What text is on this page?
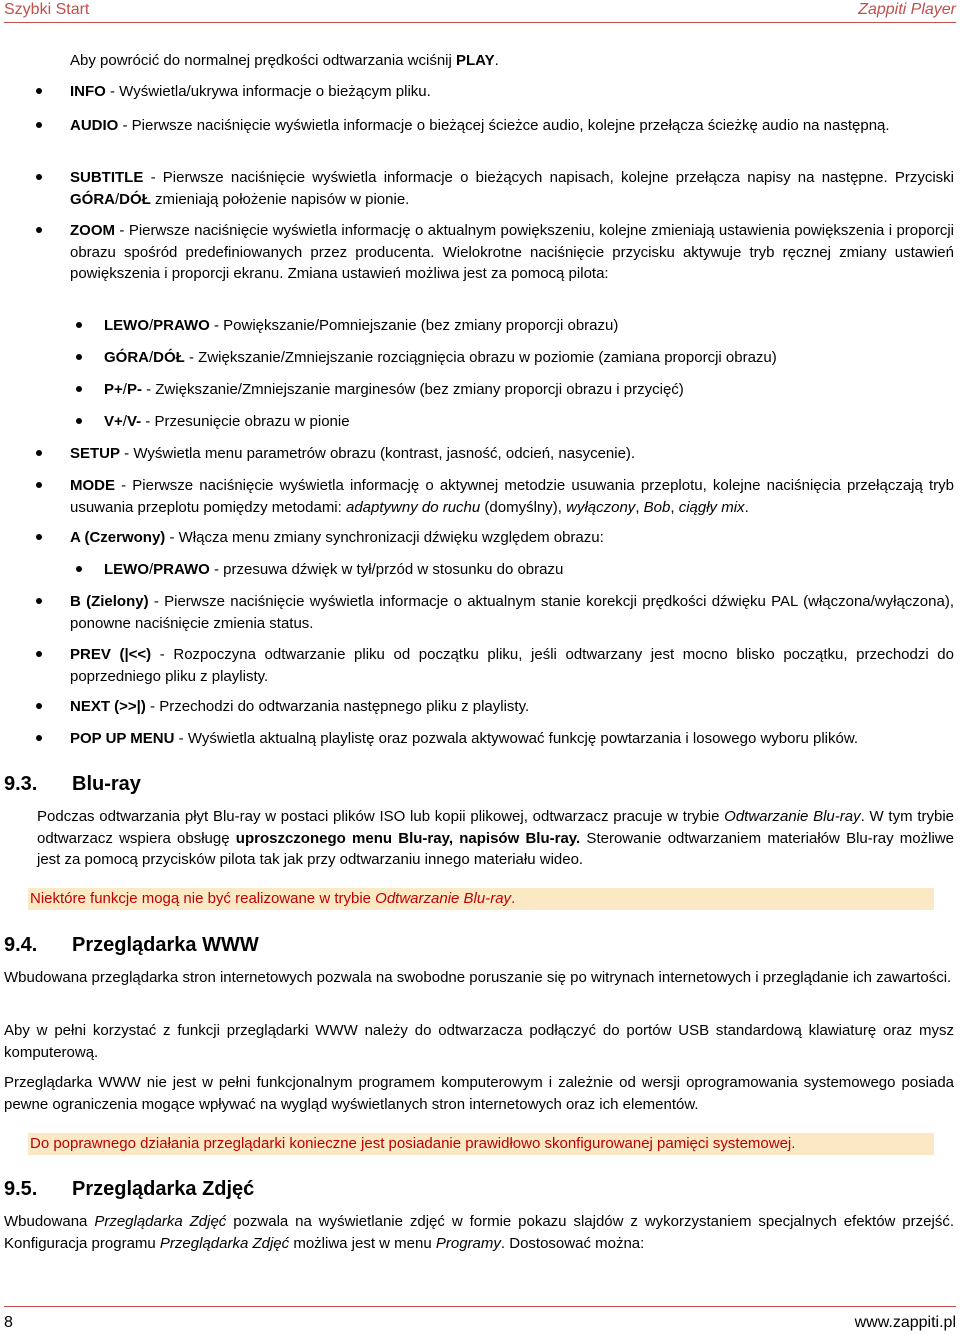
Szybki Start	Zappiti Player
Aby powrócić do normalnej prędkości odtwarzania wciśnij PLAY.
INFO - Wyświetla/ukrywa informacje o bieżącym pliku.
AUDIO - Pierwsze naciśnięcie wyświetla informacje o bieżącej ścieżce audio, kolejne przełącza ścieżkę audio na następną.
SUBTITLE - Pierwsze naciśnięcie wyświetla informacje o bieżących napisach, kolejne przełącza napisy na następne. Przyciski GÓRA/DÓŁ zmieniają położenie napisów w pionie.
ZOOM - Pierwsze naciśnięcie wyświetla informację o aktualnym powiększeniu, kolejne zmieniają ustawienia powiększenia i proporcji obrazu spośród predefiniowanych przez producenta. Wielokrotne naciśnięcie przycisku aktywuje tryb ręcznej zmiany ustawień powiększenia i proporcji ekranu. Zmiana ustawień możliwa jest za pomocą pilota:
LEWO/PRAWO - Powiększanie/Pomniejszanie (bez zmiany proporcji obrazu)
GÓRA/DÓŁ - Zwiększanie/Zmniejszanie rozciągnięcia obrazu w poziomie (zamiana proporcji obrazu)
P+/P- - Zwiększanie/Zmniejszanie marginesów (bez zmiany proporcji obrazu i przycięć)
V+/V- - Przesunięcie obrazu w pionie
SETUP - Wyświetla menu parametrów obrazu (kontrast, jasność, odcień, nasycenie).
MODE - Pierwsze naciśnięcie wyświetla informację o aktywnej metodzie usuwania przeplotu, kolejne naciśnięcia przełączają tryb usuwania przeplotu pomiędzy metodami: adaptywny do ruchu (domyślny), wyłączony, Bob, ciągły mix.
A (Czerwony) - Włącza menu zmiany synchronizacji dźwięku względem obrazu:
LEWO/PRAWO - przesuwa dźwięk w tył/przód w stosunku do obrazu
B (Zielony) - Pierwsze naciśnięcie wyświetla informacje o aktualnym stanie korekcji prędkości dźwięku PAL (włączona/wyłączona), ponowne naciśnięcie zmienia status.
PREV (|<<) - Rozpoczyna odtwarzanie pliku od początku pliku, jeśli odtwarzany jest mocno blisko początku, przechodzi do poprzedniego pliku z playlisty.
NEXT (>>|) - Przechodzi do odtwarzania następnego pliku z playlisty.
POP UP MENU - Wyświetla aktualną playlistę oraz pozwala aktywować funkcję powtarzania i losowego wyboru plików.
9.3. Blu-ray
Podczas odtwarzania płyt Blu-ray w postaci plików ISO lub kopii plikowej, odtwarzacz pracuje w trybie Odtwarzanie Blu-ray. W tym trybie odtwarzacz wspiera obsługę uproszczonego menu Blu-ray, napisów Blu-ray. Sterowanie odtwarzaniem materiałów Blu-ray możliwe jest za pomocą przycisków pilota tak jak przy odtwarzaniu innego materiału wideo.
Niektóre funkcje mogą nie być realizowane w trybie Odtwarzanie Blu-ray.
9.4. Przeglądarka WWW
Wbudowana przeglądarka stron internetowych pozwala na swobodne poruszanie się po witrynach internetowych i przeglądanie ich zawartości.
Aby w pełni korzystać z funkcji przeglądarki WWW należy do odtwarzacza podłączyć do portów USB standardową klawiaturę oraz mysz komputerową.
Przeglądarka WWW nie jest w pełni funkcjonalnym programem komputerowym i zależnie od wersji oprogramowania systemowego posiada pewne ograniczenia mogące wpływać na wygląd wyświetlanych stron internetowych oraz ich elementów.
Do poprawnego działania przeglądarki konieczne jest posiadanie prawidłowo skonfigurowanej pamięci systemowej.
9.5. Przeglądarka Zdjęć
Wbudowana Przeglądarka Zdjęć pozwala na wyświetlanie zdjęć w formie pokazu slajdów z wykorzystaniem specjalnych efektów przejść. Konfiguracja programu Przeglądarka Zdjęć możliwa jest w menu Programy. Dostosować można:
8	www.zappiti.pl
